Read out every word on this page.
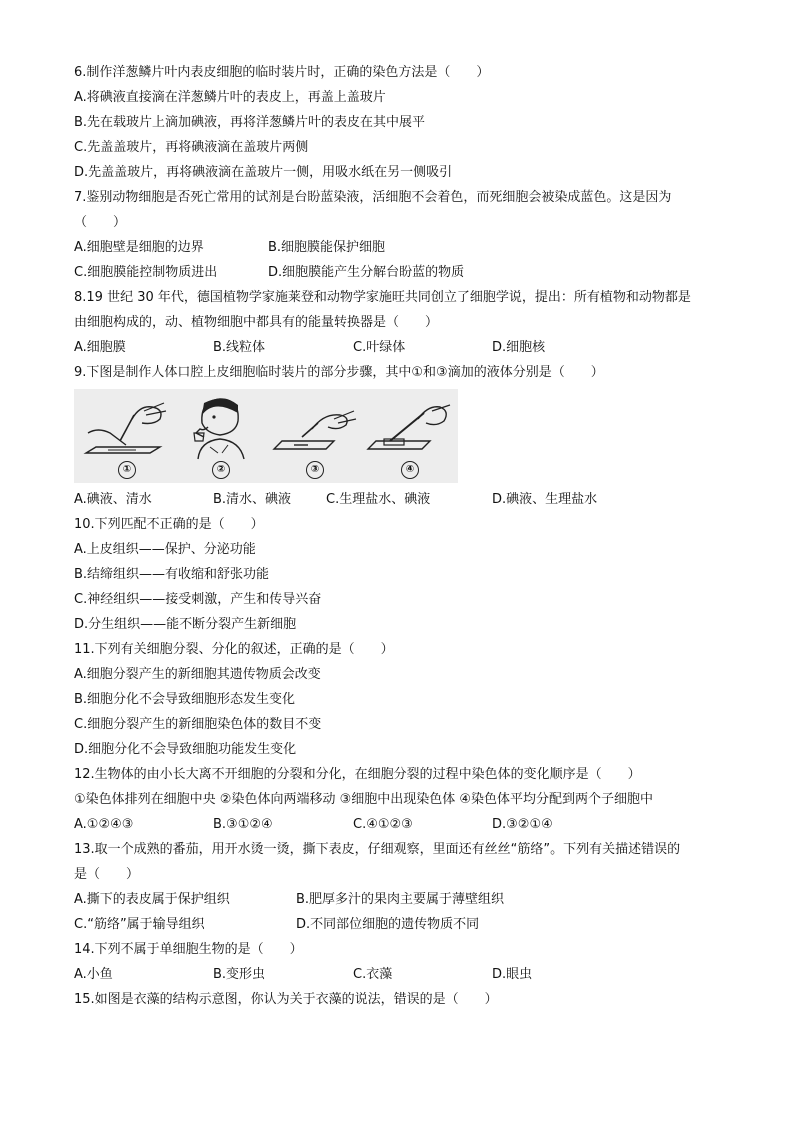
6.制作洋葱鳞片叶内表皮细胞的临时装片时，正确的染色方法是（　　）
A.将碘液直接滴在洋葱鳞片叶的表皮上，再盖上盖玻片
B.先在载玻片上滴加碘液，再将洋葱鳞片叶的表皮在其中展平
C.先盖盖玻片，再将碘液滴在盖玻片两侧
D.先盖盖玻片，再将碘液滴在盖玻片一侧，用吸水纸在另一侧吸引
7.鉴别动物细胞是否死亡常用的试剂是台盼蓝染液，活细胞不会着色，而死细胞会被染成蓝色。这是因为
（　　）
A.细胞壁是细胞的边界	B.细胞膜能保护细胞
C.细胞膜能控制物质进出	D.细胞膜能产生分解台盼蓝的物质
8.19 世纪 30 年代，德国植物学家施莱登和动物学家施旺共同创立了细胞学说，提出：所有植物和动物都是
由细胞构成的，动、植物细胞中都具有的能量转换器是（　　）
A.细胞膜	B.线粒体	C.叶绿体	D.细胞核
9.下图是制作人体口腔上皮细胞临时装片的部分步骤，其中①和③滴加的液体分别是（　　）
①	②	③	④
A.碘液、清水	B.清水、碘液	C.生理盐水、碘液	D.碘液、生理盐水
10.下列匹配不正确的是（　　）
A.上皮组织——保护、分泌功能
B.结缔组织——有收缩和舒张功能
C.神经组织——接受刺激，产生和传导兴奋
D.分生组织——能不断分裂产生新细胞
11.下列有关细胞分裂、分化的叙述，正确的是（　　）
A.细胞分裂产生的新细胞其遗传物质会改变
B.细胞分化不会导致细胞形态发生变化
C.细胞分裂产生的新细胞染色体的数目不变
D.细胞分化不会导致细胞功能发生变化
12.生物体的由小长大离不开细胞的分裂和分化，在细胞分裂的过程中染色体的变化顺序是（　　）
①染色体排列在细胞中央 ②染色体向两端移动 ③细胞中出现染色体 ④染色体平均分配到两个子细胞中
A.①②④③	B.③①②④	C.④①②③	D.③②①④
13.取一个成熟的番茄，用开水烫一烫，撕下表皮，仔细观察，里面还有丝丝“筋络”。下列有关描述错误的
是（　　）
A.撕下的表皮属于保护组织	B.肥厚多汁的果肉主要属于薄壁组织
C.“筋络”属于输导组织	D.不同部位细胞的遗传物质不同
14.下列不属于单细胞生物的是（　　）
A.小鱼	B.变形虫	C.衣藻	D.眼虫
15.如图是衣藻的结构示意图，你认为关于衣藻的说法，错误的是（　　）
